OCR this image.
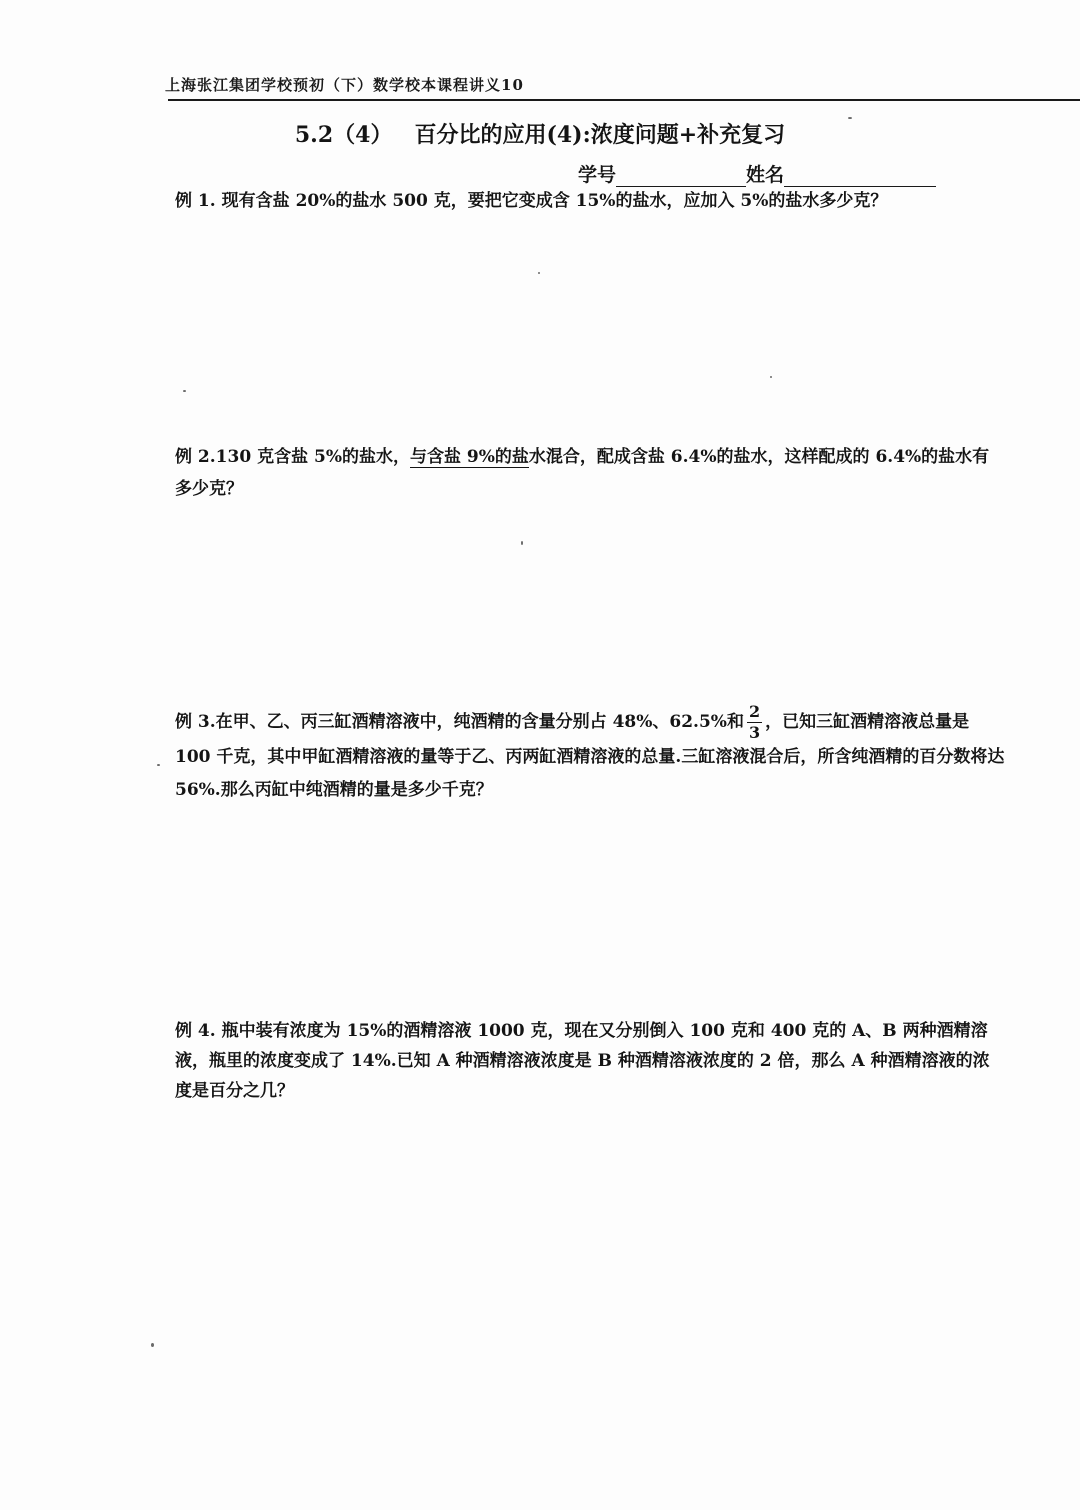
上海张江集团学校预初（下）数学校本课程讲义10
5.2（4） 百分比的应用(4):浓度问题+补充复习
学号	姓名
例 1. 现有含盐 20%的盐水 500 克，要把它变成含 15%的盐水，应加入 5%的盐水多少克？
例 2.130 克含盐 5%的盐水，与含盐 9%的盐水混合，配成含盐 6.4%的盐水，这样配成的 6.4%的盐水有多少克？
例 3.在甲、乙、丙三缸酒精溶液中，纯酒精的含量分别占 48%、62.5%和 $\frac{2}{3}$ ，已知三缸酒精溶液总量是 100 千克，其中甲缸酒精溶液的量等于乙、丙两缸酒精溶液的总量.三缸溶液混合后，所含纯酒精的百分数将达 56%.那么丙缸中纯酒精的量是多少千克？
例 4. 瓶中装有浓度为 15%的酒精溶液 1000 克，现在又分别倒入 100 克和 400 克的 A、B 两种酒精溶液，瓶里的浓度变成了 14%.已知 A 种酒精溶液浓度是 B 种酒精溶液浓度的 2 倍，那么 A 种酒精溶液的浓度是百分之几？
